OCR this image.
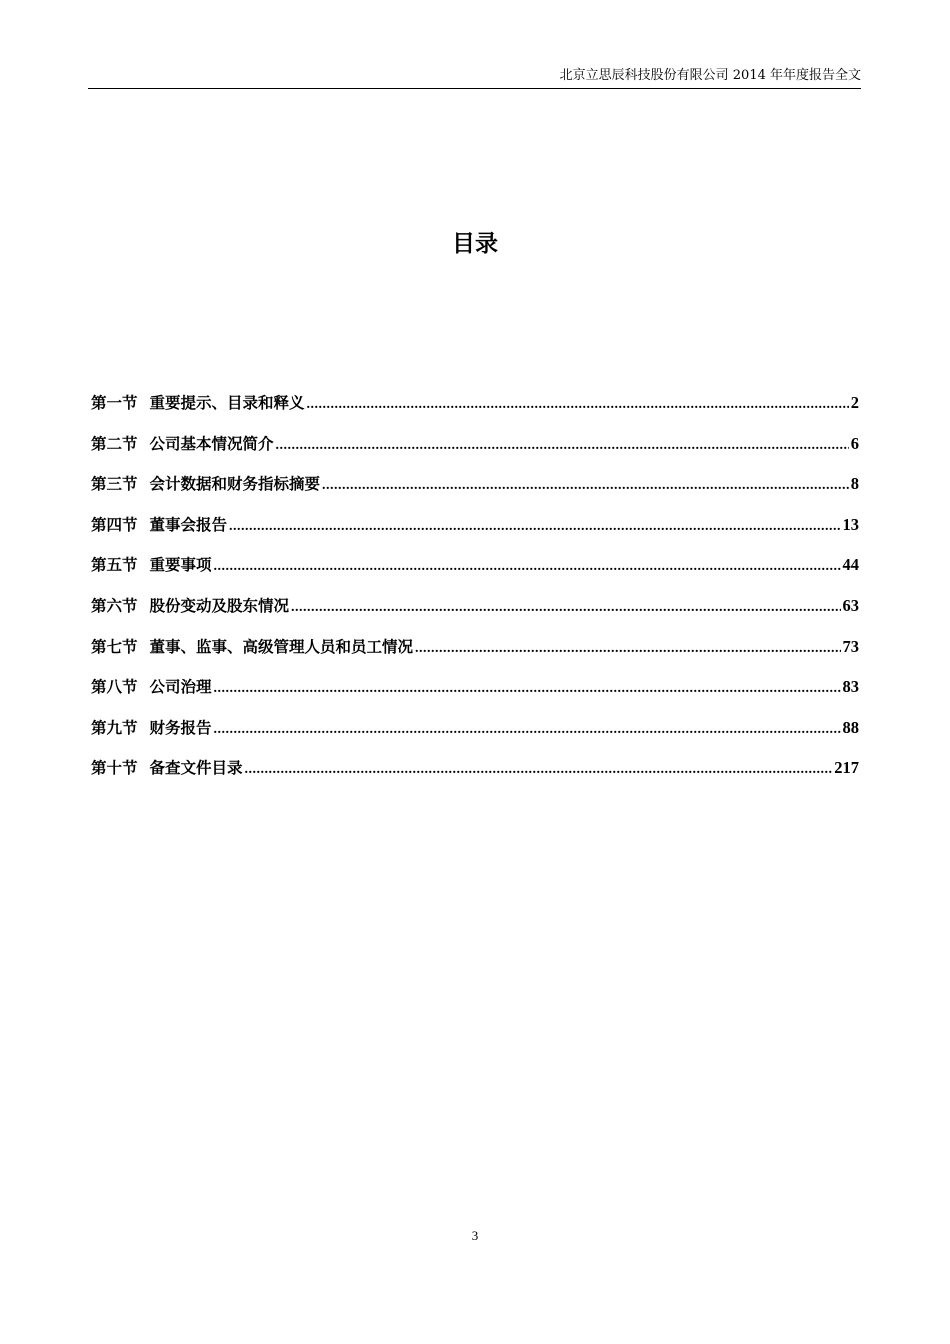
北京立思辰科技股份有限公司 2014 年年度报告全文
目录
第一节 重要提示、目录和释义 .....	2
第二节 公司基本情况简介 .....	6
第三节 会计数据和财务指标摘要 .....	8
第四节 董事会报告 .....	13
第五节 重要事项 .....	44
第六节 股份变动及股东情况 .....	63
第七节 董事、监事、高级管理人员和员工情况 .....	73
第八节 公司治理 .....	83
第九节 财务报告 .....	88
第十节 备查文件目录 .....	217
3
